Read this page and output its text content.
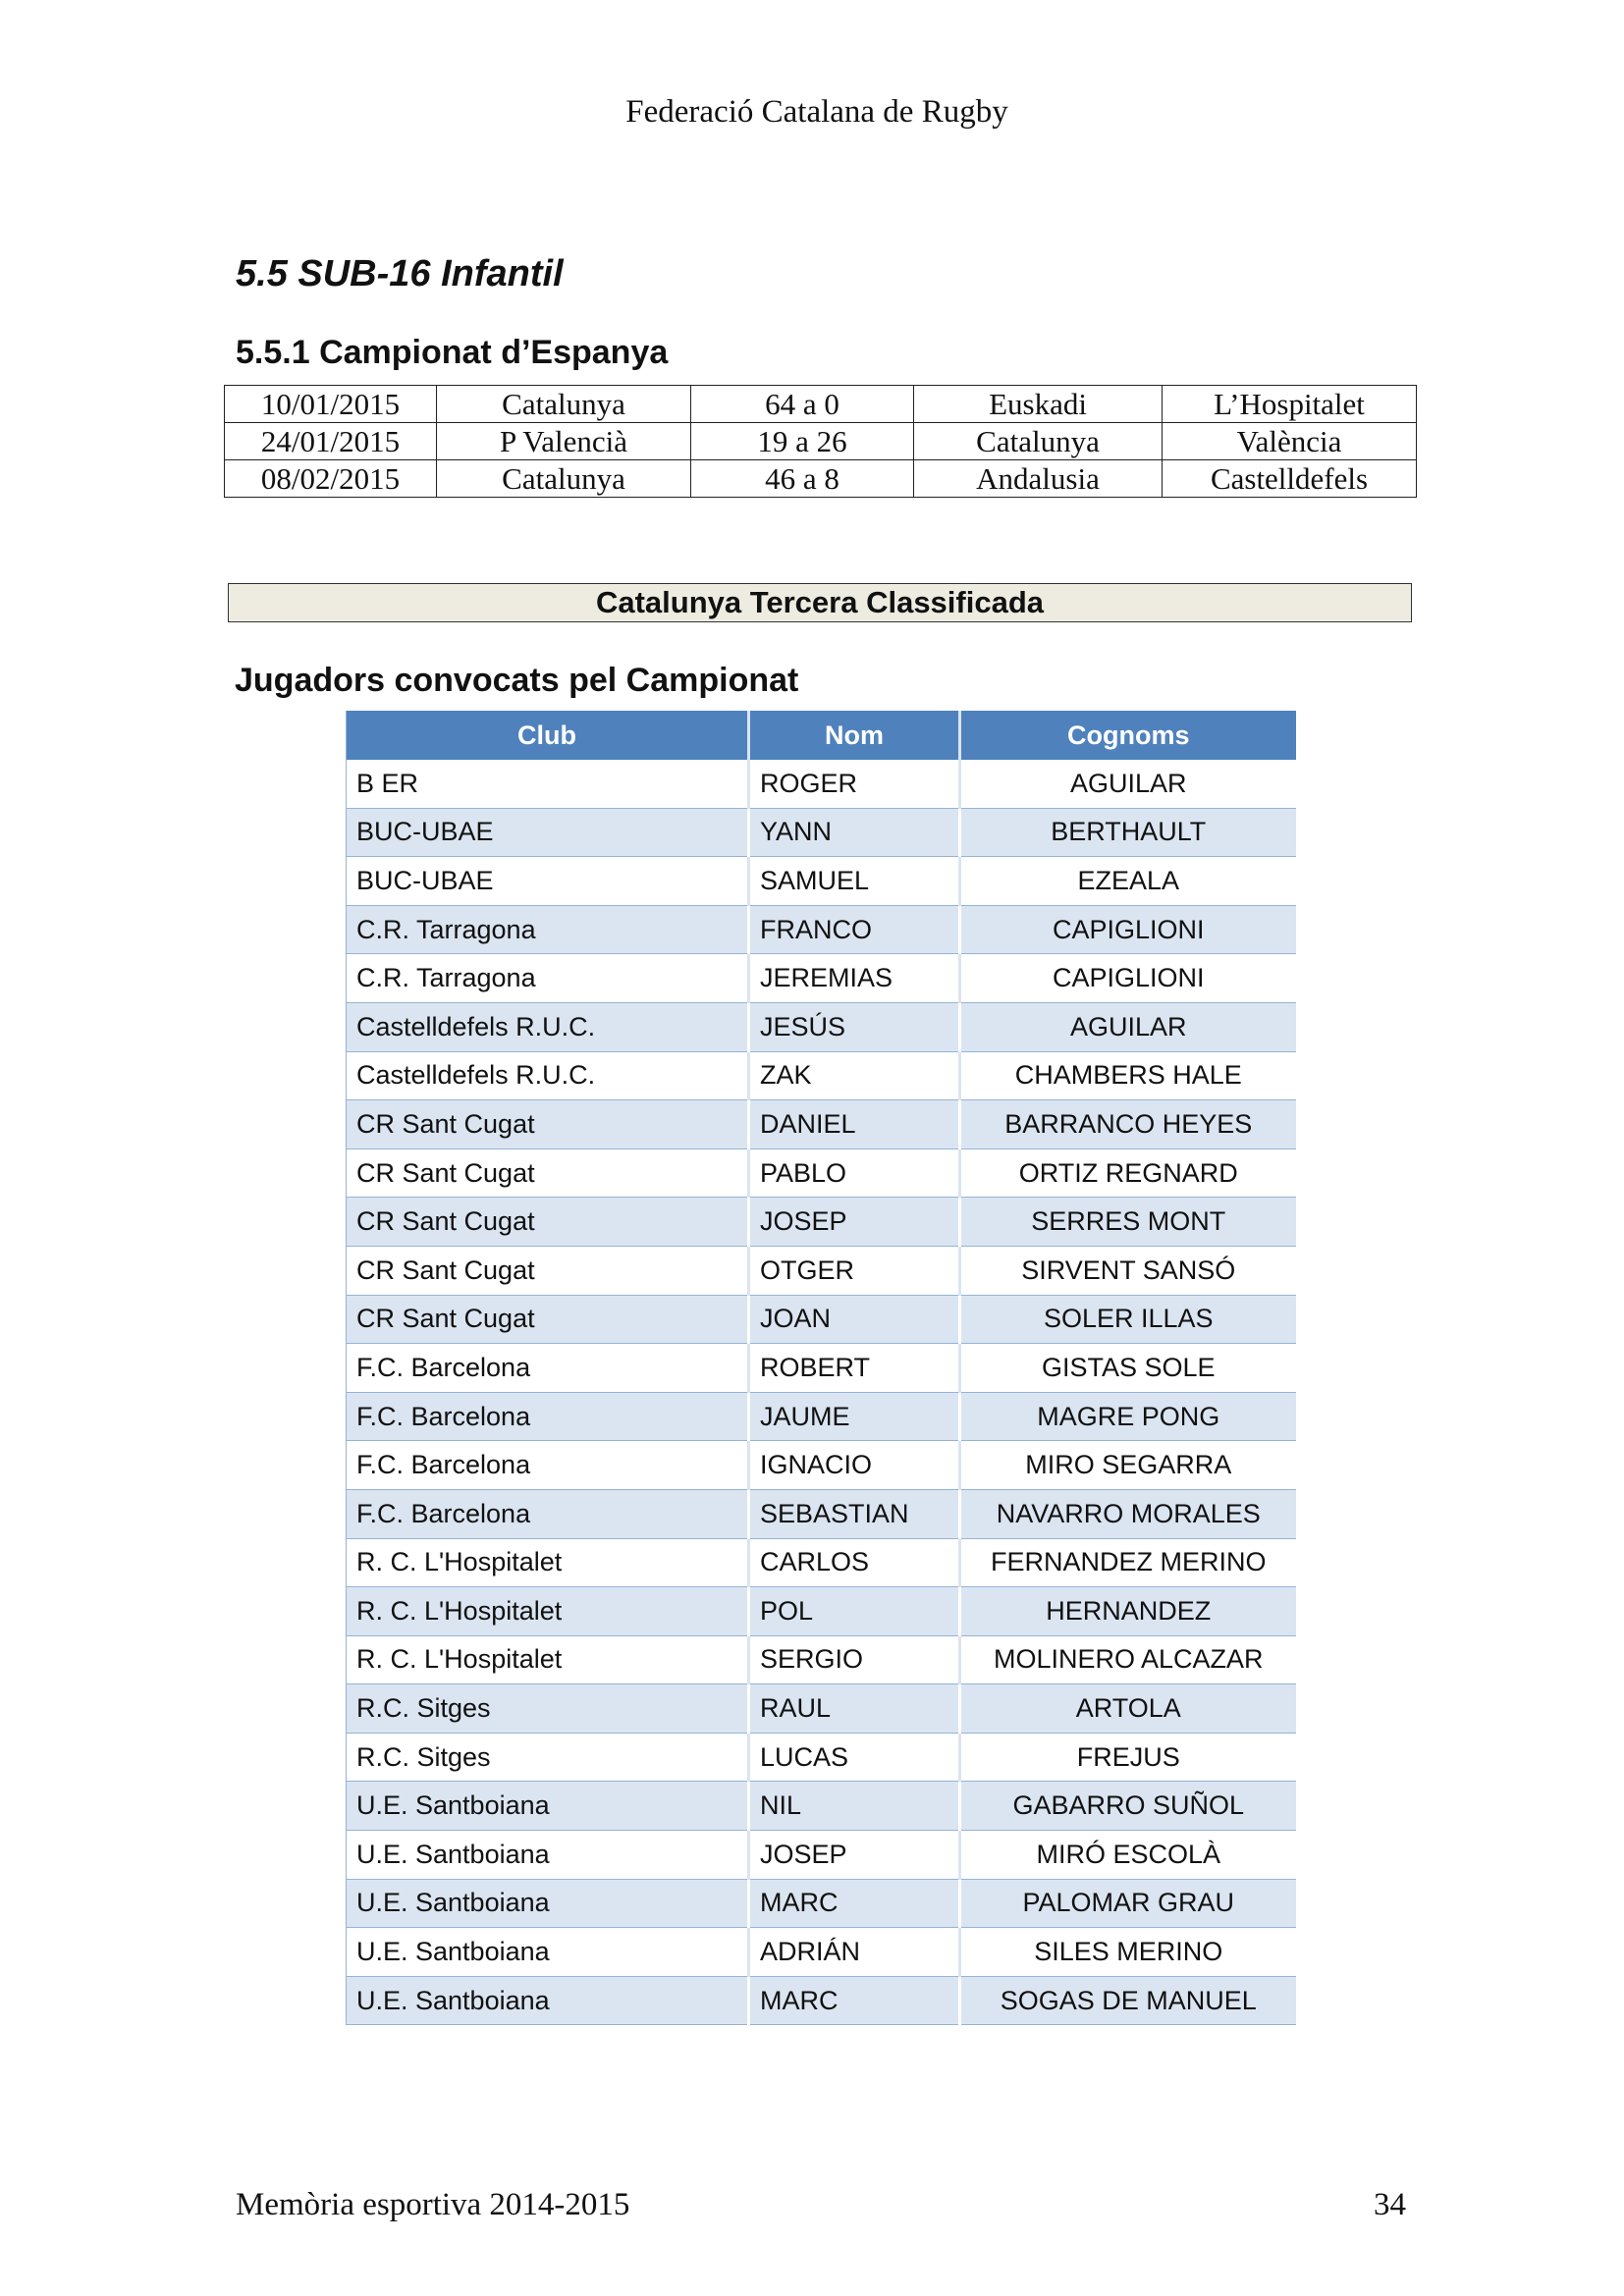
Federació Catalana de Rugby
5.5 SUB-16 Infantil
5.5.1 Campionat d’Espanya
10/01/2015	Catalunya	64 a 0	Euskadi	L’Hospitalet
24/01/2015	P Valencià	19 a 26	Catalunya	València
08/02/2015	Catalunya	46 a 8	Andalusia	Castelldefels
Catalunya Tercera Classificada
Jugadors convocats pel Campionat
Club	Nom	Cognoms
B ER	ROGER	AGUILAR
BUC-UBAE	YANN	BERTHAULT
BUC-UBAE	SAMUEL	EZEALA
C.R. Tarragona	FRANCO	CAPIGLIONI
C.R. Tarragona	JEREMIAS	CAPIGLIONI
Castelldefels R.U.C.	JESÚS	AGUILAR
Castelldefels R.U.C.	ZAK	CHAMBERS HALE
CR Sant Cugat	DANIEL	BARRANCO HEYES
CR Sant Cugat	PABLO	ORTIZ REGNARD
CR Sant Cugat	JOSEP	SERRES MONT
CR Sant Cugat	OTGER	SIRVENT SANSÓ
CR Sant Cugat	JOAN	SOLER ILLAS
F.C. Barcelona	ROBERT	GISTAS SOLE
F.C. Barcelona	JAUME	MAGRE PONG
F.C. Barcelona	IGNACIO	MIRO SEGARRA
F.C. Barcelona	SEBASTIAN	NAVARRO MORALES
R. C. L'Hospitalet	CARLOS	FERNANDEZ MERINO
R. C. L'Hospitalet	POL	HERNANDEZ
R. C. L'Hospitalet	SERGIO	MOLINERO ALCAZAR
R.C. Sitges	RAUL	ARTOLA
R.C. Sitges	LUCAS	FREJUS
U.E. Santboiana	NIL	GABARRO SUÑOL
U.E. Santboiana	JOSEP	MIRÓ ESCOLÀ
U.E. Santboiana	MARC	PALOMAR GRAU
U.E. Santboiana	ADRIÁN	SILES MERINO
U.E. Santboiana	MARC	SOGAS DE MANUEL
Memòria esportiva 2014-2015	34
